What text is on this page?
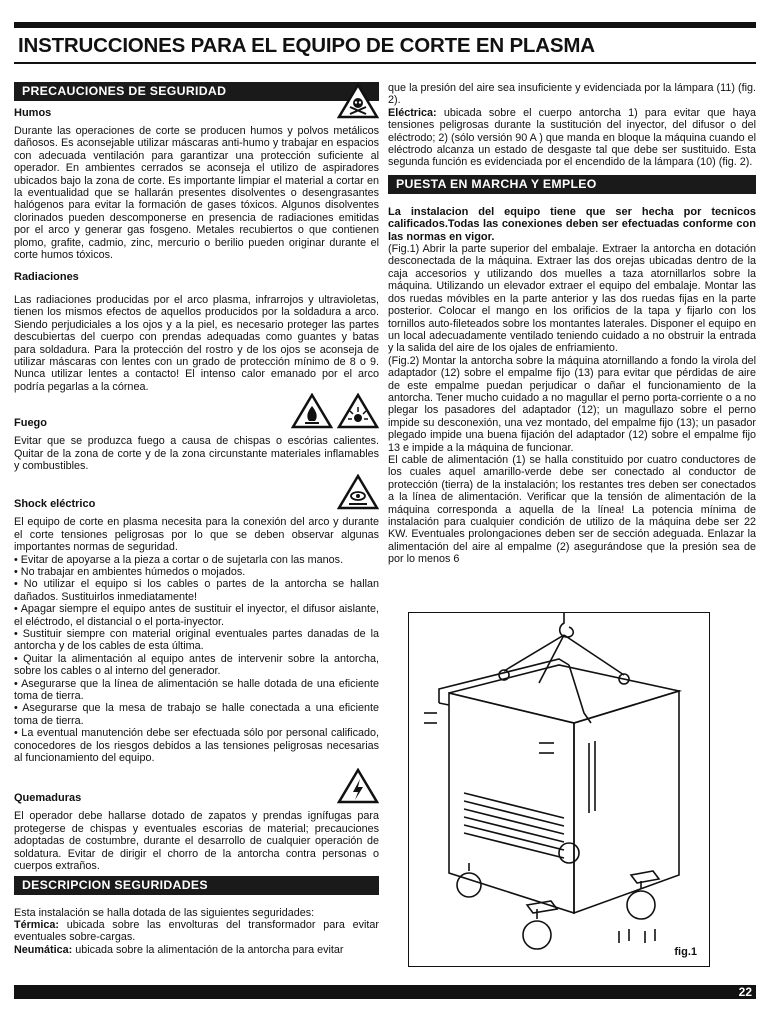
INSTRUCCIONES PARA EL EQUIPO DE CORTE EN PLASMA
PRECAUCIONES DE SEGURIDAD
Humos

Durante las operaciones de corte se producen humos y polvos metálicos dañosos. Es aconsejable utilizar máscaras anti-humo y trabajar en espacios con adecuada ventilación para garantizar una protección suficiente al operador. En ambientes cerrados se aconseja el utilizo de aspiradores ubicados bajo la zona de corte. Es importante limpiar el material a cortar en la eventualidad que se hallarán presentes disolventes o desengrasantes halógenos para evitar la formación de gases tóxicos. Algunos disolventes clorinados pueden descomponerse en presencia de radiaciones emitidas por el arco y generar gas fosgeno. Metales recubiertos o que contienen plomo, grafite, cadmio, zinc, mercurio o berilio pueden originar durante el corte humos tóxicos.

Radiaciones

Las radiaciones producidas por el arco plasma, infrarrojos y ultravioletas, tienen los mismos efectos de aquellos producidos por la soldadura a arco. Siendo perjudiciales a los ojos y a la piel, es necesario proteger las partes descubiertas del cuerpo con prendas adequadas como guantes y batas para soldadura. Para la protección del rostro y de los ojos se aconseja de utilizar máscaras con lentes con un grado de protección mínimo de 8 o 9. Nunca utilizar lentes a contacto! El intenso calor emanado por el arco podría pegarlas a la córnea.

Fuego

Evitar que se produzca fuego a causa de chispas o escórias calientes. Quitar de la zona de corte y de la zona circunstante materiales inflamables y combustibles.

Shock eléctrico

El equipo de corte en plasma necesita para la conexión del arco y durante el corte tensiones peligrosas por lo que se deben observar algunas importantes normas de seguridad.

• Evitar de apoyarse a la pieza a cortar o de sujetarla con las manos.

• No trabajar en ambientes húmedos o mojados.

• No utilizar el equipo si los cables o partes de la antorcha se hallan dañados. Sustituirlos inmediatamente!

• Apagar siempre el equipo antes de sustituir el inyector, el difusor aislante, el eléctrodo, el distancial o el porta-inyector.

• Sustituir siempre con material original eventuales partes danadas de la antorcha y de los cables de esta última.

• Quitar la alimentación al equipo antes de intervenir sobre la antorcha, sobre los cables o al interno del generador.

• Asegurarse que la línea de alimentación se halle dotada de una eficiente toma de tierra.

• Asegurarse que la mesa de trabajo se halle conectada a una eficiente toma de tierra.

• La eventual manutención debe ser efectuada sólo por personal calificado, conocedores de los riesgos debidos a las tensiones peligrosas necesarias al funcionamiento del equipo.

Quemaduras

El operador debe hallarse dotado de zapatos y prendas ignífugas para protegerse de chispas y eventuales escorias de material; precauciones adoptadas de costumbre, durante el desarrollo de cualquier operación de soldatura. Evitar de dirigir el chorro de la antorcha contra personas o cuerpos extraños.

DESCRIPCION SEGURIDADES

Esta instalación se halla dotada de las siguientes seguridades:

Térmica: ubicada sobre las envolturas del transformador para evitar eventuales sobre-cargas.

Neumática: ubicada sobre la alimentación de la antorcha para evitar

que la presión del aire sea insuficiente y evidenciada por la lámpara (11) (fig. 2).

Eléctrica: ubicada sobre el cuerpo antorcha 1) para evitar que haya tensiones peligrosas durante la sustitución del inyector, del difusor o del eléctrodo; 2) (sólo versión 90 A ) que manda en bloque la máquina cuando el eléctrodo alcanza un estado de desgaste tal que debe ser sustituido. Esta segunda función es evidenciada por el encendido de la lámpara (10) (fig. 2).

PUESTA EN MARCHA Y EMPLEO

La instalacion del equipo tiene que ser hecha por tecnicos calificados.Todas las conexiones deben ser efectuadas conforme con las normas en vigor.

(Fig.1) Abrir la parte superior del embalaje. Extraer la antorcha en dotación desconectada de la máquina. Extraer las dos orejas ubicadas dentro de la caja accesorios y utilizando dos muelles a taza atornillarlos sobre la máquina. Utilizando un elevador extraer el equipo del embalaje. Montar las dos ruedas móvibles en la parte anterior y las dos ruedas fijas en la parte posterior. Colocar el mango en los orificios de la tapa y fijarlo con los tornillos auto-fileteados sobre los montantes laterales. Disponer el equipo en un local adecuadamente ventilado teniendo cuidado a no obstruir la entrada y la salida del aire de los ojales de enfriamiento.

(Fig.2) Montar la antorcha sobre la máquina atornillando a fondo la virola del adaptador (12) sobre el empalme fijo (13) para evitar que pérdidas de aire de este empalme puedan perjudicar o dañar el funcionamiento de la antorcha. Tener mucho cuidado a no magullar el perno porta-corriente o a no plegar los pasadores del adaptador (12); un magullazo sobre el perno impide su desconexión, una vez montado, del empalme fijo (13); un pasador plegado impide una buena fijación del adaptador (12) sobre el empalme fijo 13 e impide a la máquina de funcionar.

El cable de alimentación (1) se halla constituido por cuatro conductores de los cuales aquel amarillo-verde debe ser conectado al conductor de protección (tierra) de la instalación; los restantes tres deben ser conectados a la línea de alimentación. Verificar que la tensión de alimentación de la máquina corresponda a aquella de la línea! La potencia mínima de instalación para cualquier condición de utilizo de la máquina debe ser 22 KW. Eventuales prolongaciones deben ser de sección adeguada. Enlazar la alimentación del aire al empalme (2) asegurándose que la presión sea de por lo menos 6

fig.1
22
